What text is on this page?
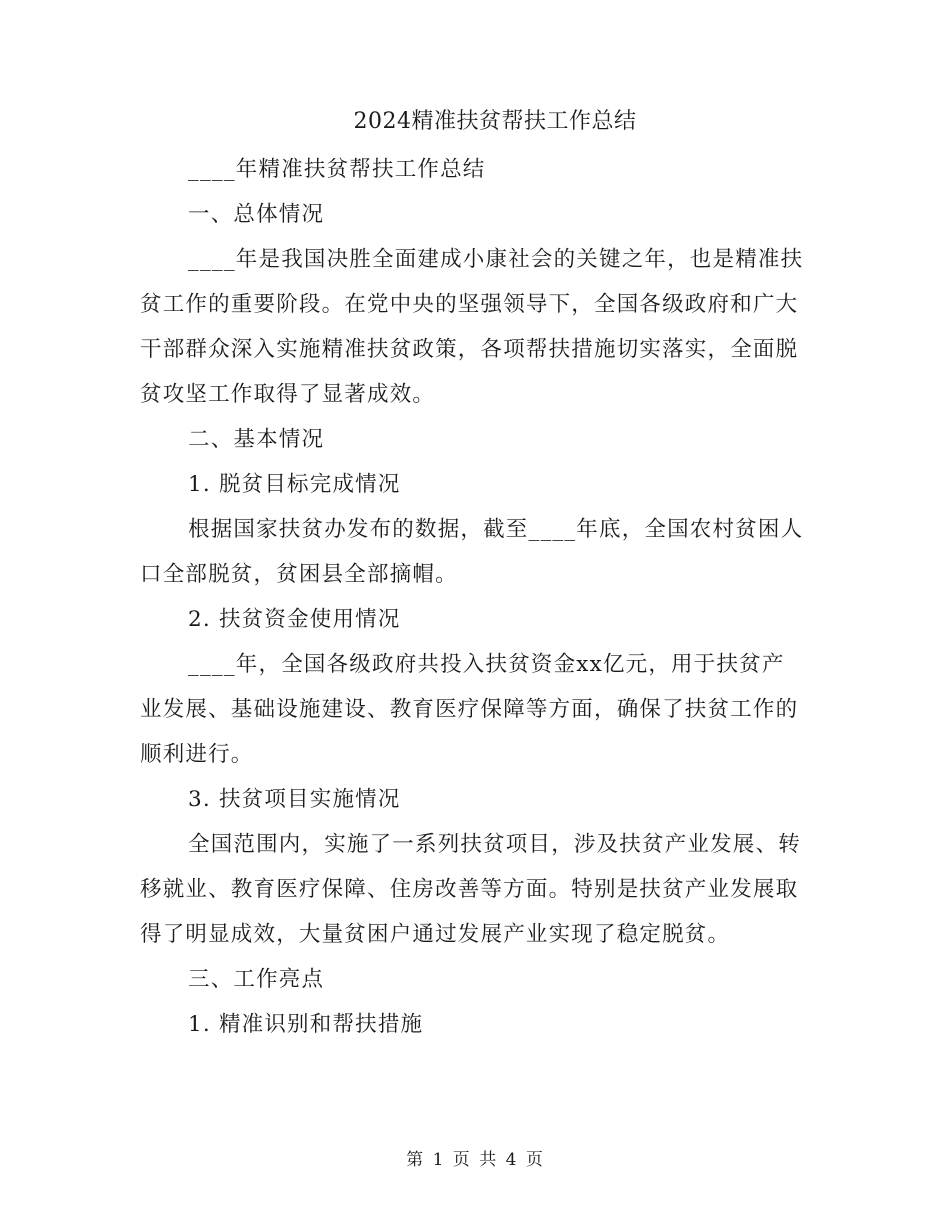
2024精准扶贫帮扶工作总结

____年精准扶贫帮扶工作总结

一、总体情况

____年是我国决胜全面建成小康社会的关键之年，也是精准扶贫工作的重要阶段。在党中央的坚强领导下，全国各级政府和广大干部群众深入实施精准扶贫政策，各项帮扶措施切实落实，全面脱贫攻坚工作取得了显著成效。

二、基本情况

1. 脱贫目标完成情况

根据国家扶贫办发布的数据，截至____年底，全国农村贫困人口全部脱贫，贫困县全部摘帽。

2. 扶贫资金使用情况

____年，全国各级政府共投入扶贫资金xx亿元，用于扶贫产业发展、基础设施建设、教育医疗保障等方面，确保了扶贫工作的顺利进行。

3. 扶贫项目实施情况

全国范围内，实施了一系列扶贫项目，涉及扶贫产业发展、转移就业、教育医疗保障、住房改善等方面。特别是扶贫产业发展取得了明显成效，大量贫困户通过发展产业实现了稳定脱贫。

三、工作亮点

1. 精准识别和帮扶措施

第 1 页 共 4 页
